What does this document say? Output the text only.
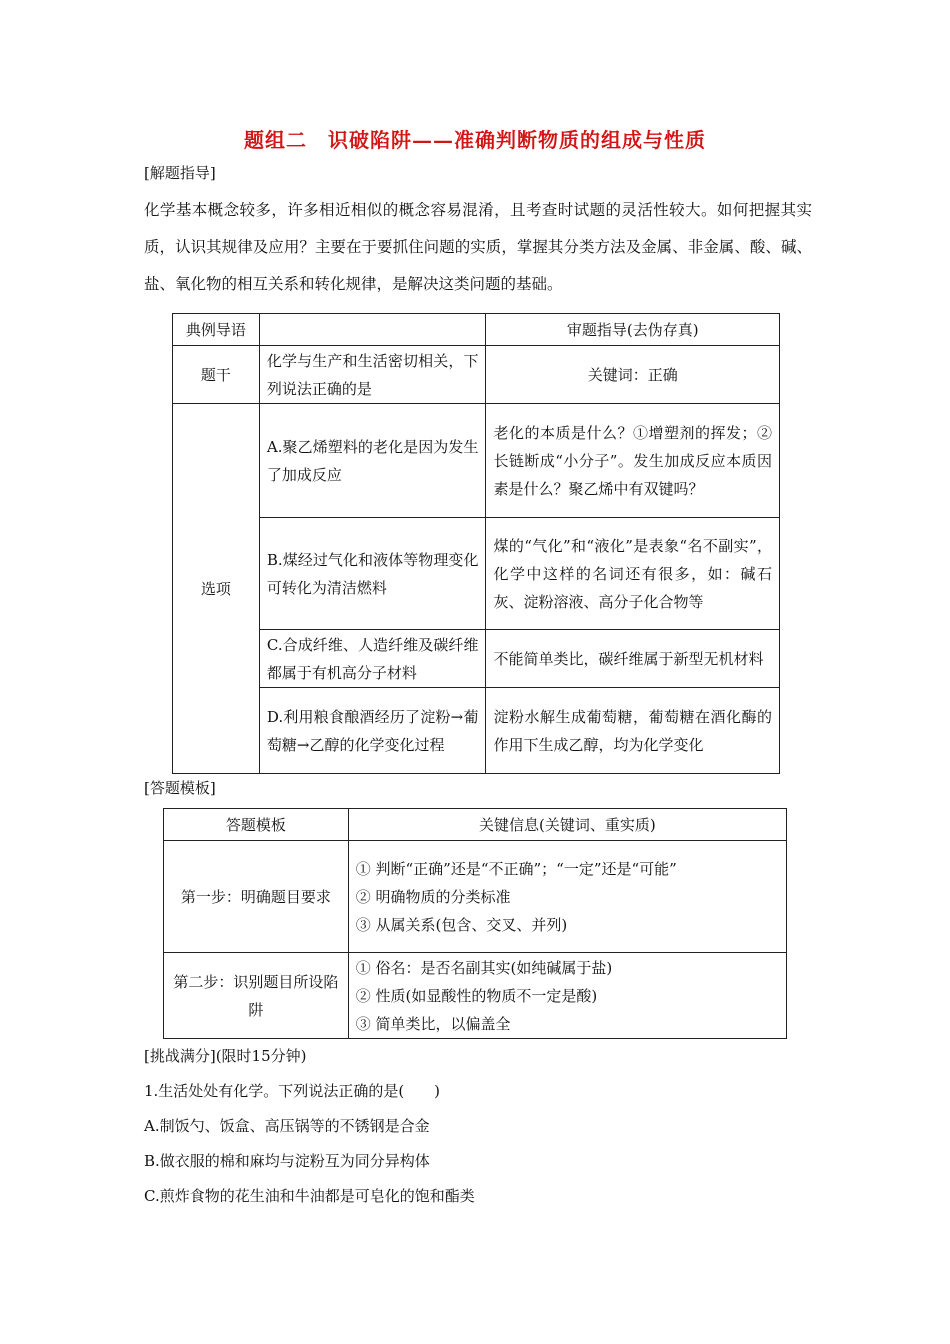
题组二　识破陷阱——准确判断物质的组成与性质
[解题指导]
化学基本概念较多，许多相近相似的概念容易混淆，且考查时试题的灵活性较大。如何把握其实质，认识其规律及应用？主要在于要抓住问题的实质，掌握其分类方法及金属、非金属、酸、碱、盐、氧化物的相互关系和转化规律，是解决这类问题的基础。
典例导语		审题指导(去伪存真)
题干	化学与生产和生活密切相关，下列说法正确的是	关键词：正确
选项	A.聚乙烯塑料的老化是因为发生了加成反应	老化的本质是什么？①增塑剂的挥发；②长链断成“小分子”。发生加成反应本质因素是什么？聚乙烯中有双键吗？
	B.煤经过气化和液体等物理变化可转化为清洁燃料	煤的“气化”和“液化”是表象“名不副实”，化学中这样的名词还有很多，如：碱石灰、淀粉溶液、高分子化合物等
	C.合成纤维、人造纤维及碳纤维都属于有机高分子材料	不能简单类比，碳纤维属于新型无机材料
	D.利用粮食酿酒经历了淀粉→葡萄糖→乙醇的化学变化过程	淀粉水解生成葡萄糖，葡萄糖在酒化酶的作用下生成乙醇，均为化学变化
[答题模板]
答题模板	关键信息(关键词、重实质)
第一步：明确题目要求	① 判断“正确”还是“不正确”；“一定”还是“可能”
② 明确物质的分类标准
③ 从属关系(包含、交叉、并列)

第二步：识别题目所设陷阱	① 俗名：是否名副其实(如纯碱属于盐)
② 性质(如显酸性的物质不一定是酸)
③ 简单类比，以偏盖全
[挑战满分](限时15分钟)
1.生活处处有化学。下列说法正确的是(　　)
A.制饭勺、饭盒、高压锅等的不锈钢是合金
B.做衣服的棉和麻均与淀粉互为同分异构体
C.煎炸食物的花生油和牛油都是可皂化的饱和酯类
